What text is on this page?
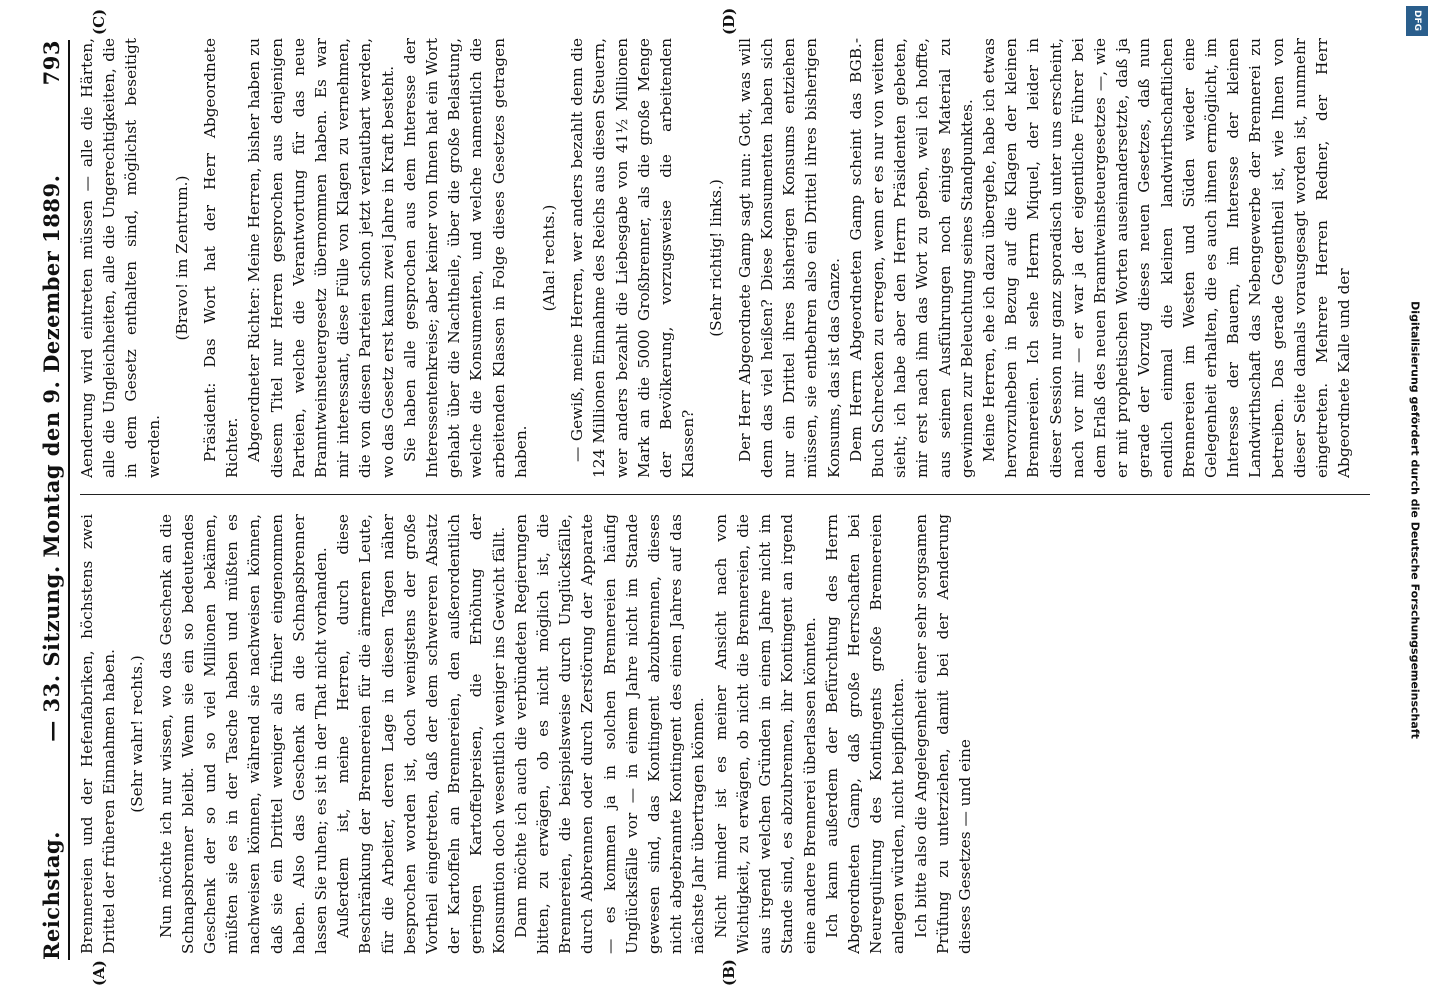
Reichstag.
— 33. Sitzung. Montag den 9. Dezember 1889.
793
(A)	(B)
(C)	(D)

Brennereien und der Hefenfabriken, höchstens zwei Drittel der früheren Einnahmen haben. (Sehr wahr! rechts.) Nun möchte ich nur wissen, wo das Geschenk an die Schnapsbrenner bleibt. Wenn sie ein so bedeutendes Geschenk der so und so viel Millionen bekämen, müßten sie es in der Tasche haben und müßten es nachweisen können, während sie nachweisen können, daß sie ein Drittel weniger als früher eingenommen haben. Also das Geschenk an die Schnapsbrenner lassen Sie ruhen; es ist in der That nicht vorhanden. Außerdem ist, meine Herren, durch diese Beschränkung der Brennereien für die ärmeren Leute, für die Arbeiter, deren Lage in diesen Tagen näher besprochen worden ist, doch wenigstens der große Vortheil eingetreten, daß der dem schwereren Absatz der Kartoffeln an Brennereien, den außerordentlich geringen Kartoffelpreisen, die Erhöhung der Konsumtion doch wesentlich weniger ins Gewicht fällt. Dann möchte ich auch die verbündeten Regierungen bitten, zu erwägen, ob es nicht möglich ist, die Brennereien, die beispielsweise durch Unglücksfälle, durch Abbrennen oder durch Zerstörung der Apparate — es kommen ja in solchen Brennereien häufig Unglücksfälle vor — in einem Jahre nicht im Stande gewesen sind, das Kontingent abzubrennen, dieses nicht abgebrannte Kontingent des einen Jahres auf das nächste Jahr übertragen können. Nicht minder ist es meiner Ansicht nach von Wichtigkeit, zu erwägen, ob nicht die Brennereien, die aus irgend welchen Gründen in einem Jahre nicht im Stande sind, es abzubrennen, ihr Kontingent an irgend eine andere Brennerei überlassen könnten. Ich kann außerdem der Befürchtung des Herrn Abgeordneten Gamp, daß große Herrschaften bei Neuregulirung des Kontingents große Brennereien anlegen würden, nicht beipflichten. Ich bitte also die Angelegenheit einer sehr sorgsamen Prüfung zu unterziehen, damit bei der Aenderung dieses Gesetzes — und eine

Aenderung wird eintreten müssen — alle die Härten, alle die Ungleichheiten, alle die Ungerechtigkeiten, die in dem Gesetz enthalten sind, möglichst beseitigt werden.

(Bravo! im Zentrum.) Präsident: Das Wort hat der Herr Abgeordnete Richter. Abgeordneter Richter: Meine Herren, bisher haben zu diesem Titel nur Herren gesprochen aus denjenigen Parteien, welche die Verantwortung für das neue Branntweinsteuergesetz übernommen haben. Es war mir interessant, diese Fülle von Klagen zu vernehmen, die von diesen Parteien schon jetzt verlautbart werden, wo das Gesetz erst kaum zwei Jahre in Kraft besteht. Sie haben alle gesprochen aus dem Interesse der Interessentenkreise; aber keiner von Ihnen hat ein Wort gehabt über die Nachtheile, über die große Belastung, welche die Konsumenten, und welche namentlich die arbeitenden Klassen in Folge dieses Gesetzes getragen haben.

(Aha! rechts.) — Gewiß, meine Herren, wer anders bezahlt denn die 124 Millionen Einnahme des Reichs aus diesen Steuern, wer anders bezahlt die Liebesgabe von 41½ Millionen Mark an die 5000 Großbrenner, als die große Menge der Bevölkerung, vorzugsweise die arbeitenden Klassen?

(Sehr richtig! links.) Der Herr Abgeordnete Gamp sagt nun: Gott, was will denn das viel heißen? Diese Konsumenten haben sich nur ein Drittel ihres bisherigen Konsums entziehen müssen, sie entbehren also ein Drittel ihres bisherigen Konsums, das ist das Ganze. Dem Herrn Abgeordneten Gamp scheint das BGB.-Buch Schrecken zu erregen, wenn er es nur von weitem sieht; ich habe aber den Herrn Präsidenten gebeten, mir erst nach ihm das Wort zu geben, weil ich hoffte, aus seinen Ausführungen noch einiges Material zu gewinnen zur Beleuchtung seines Standpunktes. Meine Herren, ehe ich dazu übergehe, habe ich etwas hervorzuheben in Bezug auf die Klagen der kleinen Brennereien. Ich sehe Herrn Miquel, der leider in dieser Session nur ganz sporadisch unter uns erscheint, nach vor mir — er war ja der eigentliche Führer bei dem Erlaß des neuen Branntweinsteuergesetzes —, wie er mit prophetischen Worten auseinandersetzte, daß ja gerade der Vorzug dieses neuen Gesetzes, daß nun endlich einmal die kleinen landwirthschaftlichen Brennereien im Westen und Süden wieder eine Gelegenheit erhalten, die es auch ihnen ermöglicht, im Interesse der Bauern, im Interesse der kleinen Landwirthschaft das Nebengewerbe der Brennerei zu betreiben. Das gerade Gegentheil ist, wie Ihnen von dieser Seite damals vorausgesagt worden ist, nunmehr eingetreten. Mehrere Herren Redner, der Herr Abgeordnete Kalle und der

DFG
Digitalisierung gefördert durch die Deutsche Forschungsgemeinschaft
